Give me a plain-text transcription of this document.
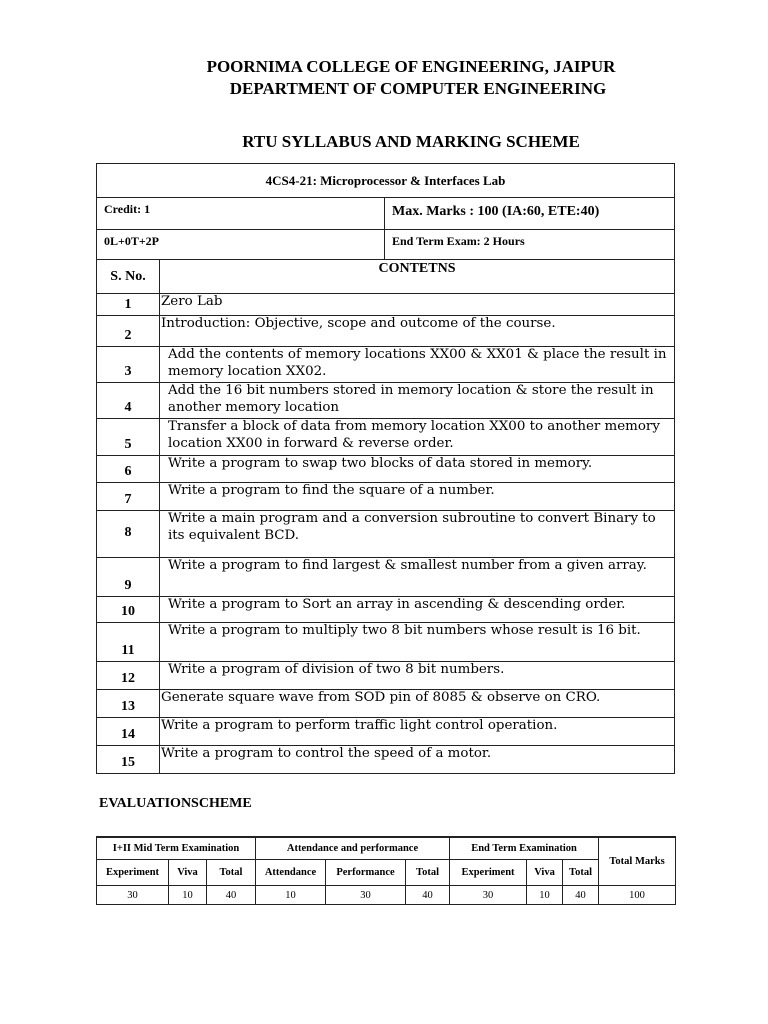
POORNIMA COLLEGE OF ENGINEERING, JAIPUR
DEPARTMENT OF COMPUTER ENGINEERING
RTU SYLLABUS AND MARKING SCHEME
4CS4-21: Microprocessor & Interfaces Lab		
Credit: 1		Max. Marks : 100 (IA:60, ETE:40)
0L+0T+2P		End Term Exam: 2 Hours
S. No.	CONTETNS	
1	Zero Lab	
2	Introduction: Objective, scope and outcome of the course.	
3	Add the contents of memory locations XX00 & XX01 & place the result in memory location XX02.	
4	Add the 16 bit numbers stored in memory location & store the result in another memory location	
5	Transfer a block of data from memory location XX00 to another memory location XX00 in forward & reverse order.	
6	Write a program to swap two blocks of data stored in memory.	
7	Write a program to find the square of a number.	
8	Write a main program and a conversion subroutine to convert Binary to its equivalent BCD.	
9	Write a program to find largest & smallest number from a given array.	
10	Write a program to Sort an array in ascending & descending order.	
11	Write a program to multiply two 8 bit numbers whose result is 16 bit.	
12	Write a program of division of two 8 bit numbers.	
13	Generate square wave from SOD pin of 8085 & observe on CRO.	
14	Write a program to perform traffic light control operation.	
15	Write a program to control the speed of a motor.	
EVALUATIONSCHEME
I+II Mid Term Examination			Attendance and performance			End Term Examination			Total Marks
Experiment	Viva	Total	Attendance	Performance	Total	Experiment	Viva	Total	
30	10	40	10	30	40	30	10	40	100
